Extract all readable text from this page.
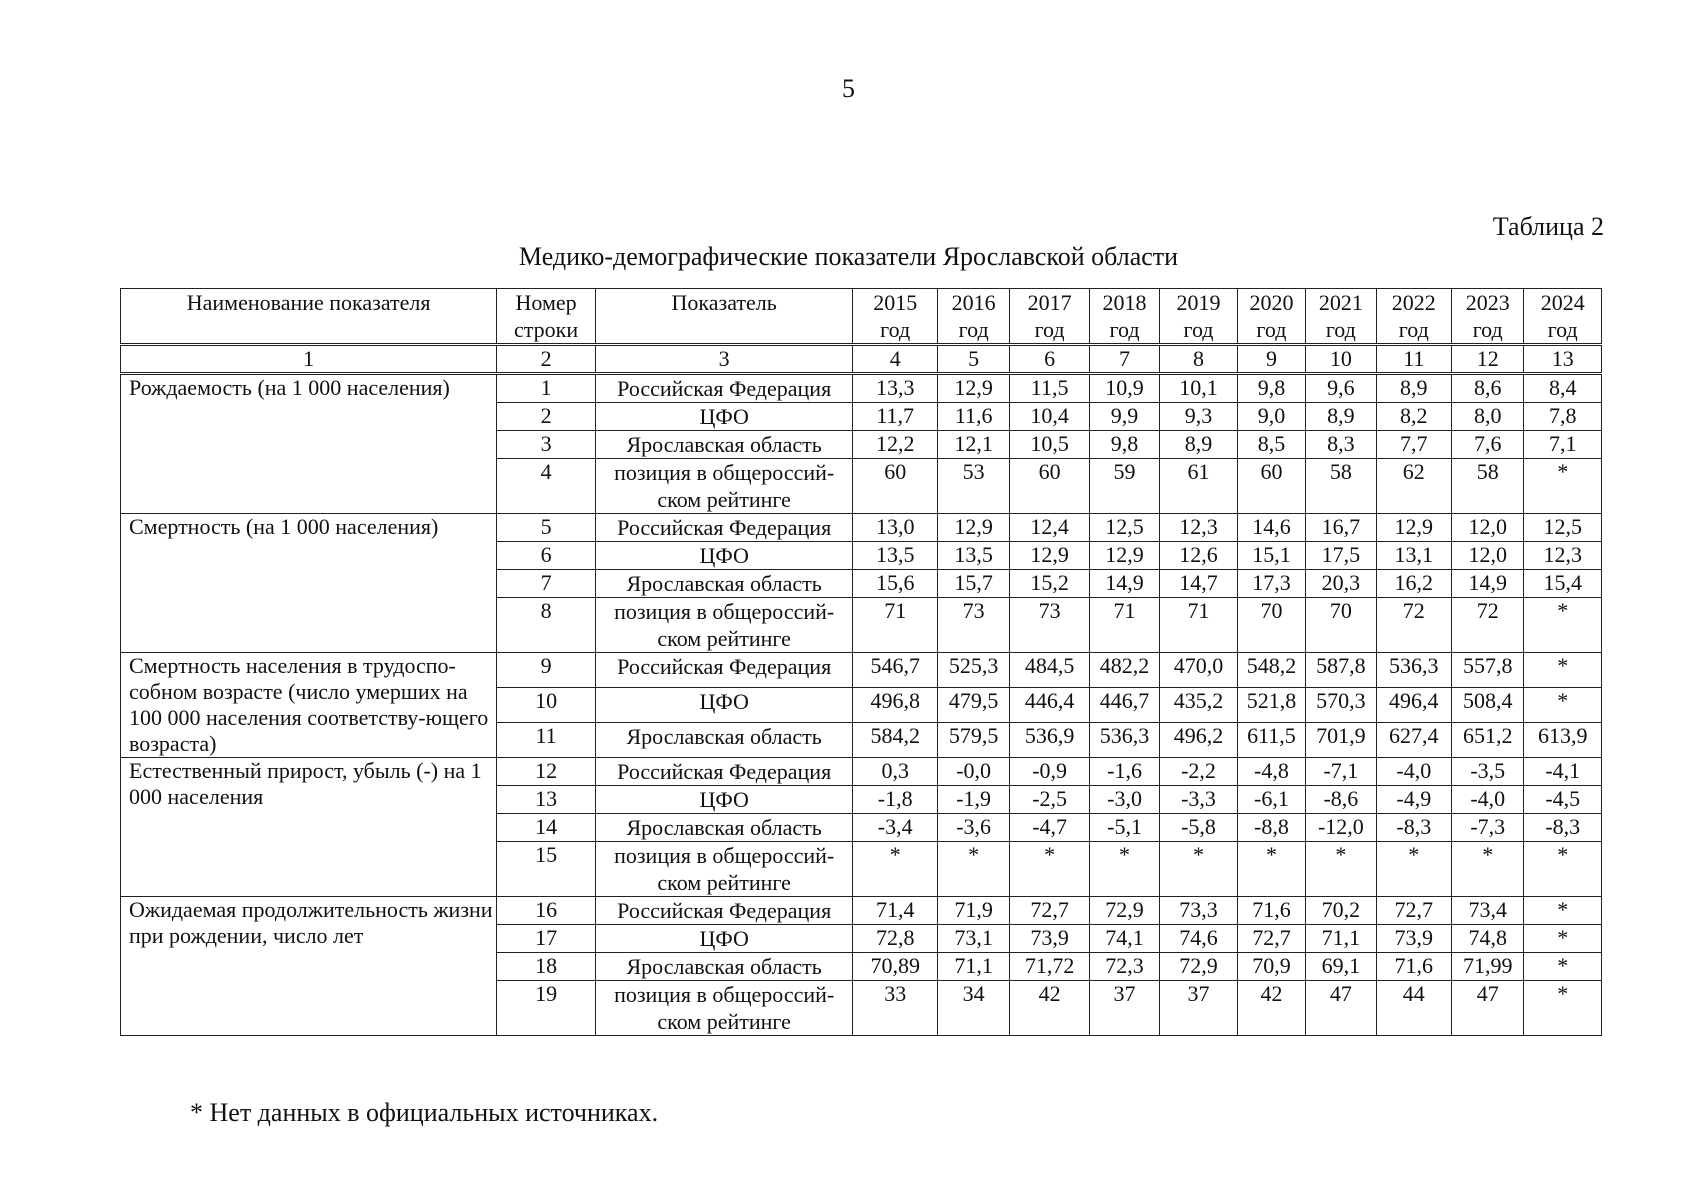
5
Таблица 2
Медико-демографические показатели Ярославской области
Наименование показателя	Номер строки	Показатель	2015 год	2016 год	2017 год	2018 год	2019 год	2020 год	2021 год	2022 год	2023 год	2024 год
1	2	3	4	5	6	7	8	9	10	11	12	13
Рождаемость (на 1 000 населения)	1	Российская Федерация	13,3	12,9	11,5	10,9	10,1	9,8	9,6	8,9	8,6	8,4
	2	ЦФО	11,7	11,6	10,4	9,9	9,3	9,0	8,9	8,2	8,0	7,8
	3	Ярославская область	12,2	12,1	10,5	9,8	8,9	8,5	8,3	7,7	7,6	7,1
	4	позиция в общероссий-ском рейтинге	60	53	60	59	61	60	58	62	58	*
Смертность (на 1 000 населения)	5	Российская Федерация	13,0	12,9	12,4	12,5	12,3	14,6	16,7	12,9	12,0	12,5
	6	ЦФО	13,5	13,5	12,9	12,9	12,6	15,1	17,5	13,1	12,0	12,3
	7	Ярославская область	15,6	15,7	15,2	14,9	14,7	17,3	20,3	16,2	14,9	15,4
	8	позиция в общероссий-ском рейтинге	71	73	73	71	71	70	70	72	72	*
Смертность населения в трудоспо-собном возрасте (число умерших на 100 000 населения соответству-ющего возраста)	9	Российская Федерация	546,7	525,3	484,5	482,2	470,0	548,2	587,8	536,3	557,8	*
	10	ЦФО	496,8	479,5	446,4	446,7	435,2	521,8	570,3	496,4	508,4	*
	11	Ярославская область	584,2	579,5	536,9	536,3	496,2	611,5	701,9	627,4	651,2	613,9
Естественный прирост, убыль (-) на 1 000 населения	12	Российская Федерация	0,3	-0,0	-0,9	-1,6	-2,2	-4,8	-7,1	-4,0	-3,5	-4,1
	13	ЦФО	-1,8	-1,9	-2,5	-3,0	-3,3	-6,1	-8,6	-4,9	-4,0	-4,5
	14	Ярославская область	-3,4	-3,6	-4,7	-5,1	-5,8	-8,8	-12,0	-8,3	-7,3	-8,3
	15	позиция в общероссий-ском рейтинге	*	*	*	*	*	*	*	*	*	*
Ожидаемая продолжительность жизни при рождении, число лет	16	Российская Федерация	71,4	71,9	72,7	72,9	73,3	71,6	70,2	72,7	73,4	*
	17	ЦФО	72,8	73,1	73,9	74,1	74,6	72,7	71,1	73,9	74,8	*
	18	Ярославская область	70,89	71,1	71,72	72,3	72,9	70,9	69,1	71,6	71,99	*
	19	позиция в общероссий-ском рейтинге	33	34	42	37	37	42	47	44	47	*
* Нет данных в официальных источниках.
